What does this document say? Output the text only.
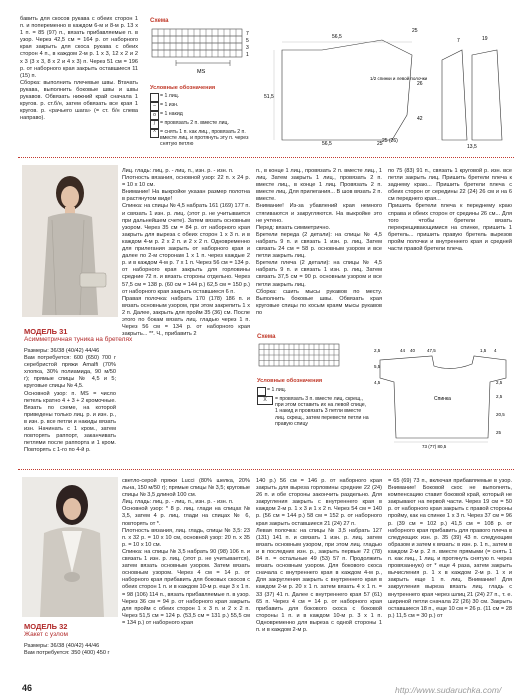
бавить для скосов рукава с обеих сторон 1 п. и попеременно в каждом 6-м и 8-м р. 13 х 1 п. = 85 (97) п., вязать прибавляемые п. в узор. Через 42,5 см = 164 р. от наборного края закрыть для скоса рукава с обеих сторон 4 п., в каждом 2-м р. 1 х 3, 12 х 2 и 2 х 3 (3 х 3, 8 х 2 и 4 х 3) п. Через 51 см = 196 р. от наборного края закрыть оставшиеся 11 (15) п.

Сборка: выполнить плечевые швы. Втачать рукава, выполнить боковые швы и швы рукавов. Обвязать нижний край сначала 1 кругов. р. ст.б/н, затем обвязать все края 1 кругов. р. «рачьего шага» (= ст. б/н слева направо).

Схема
MS
7
5
3
1
Условные обозначения
= 1 лиц.
– = 1 изн.
o = 1 накид
/ = провязать 2 п. вместе лиц.
^ = снять 1 п. как лиц., провязать 2 п. вместе лиц. и протянуть эту п. через снятую петлю
56,5
51,5
25
56,5
25
26
42
7	19
1/2 спинки и левой полочки
13,5
25 (26)
МОДЕЛЬ 31
Асимметричная туника на бретелях

Размеры: 36/38 (40/42) 44/46

Вам потребуется: 600 (650) 700 г серебристой пряжи Amalfi (70% хлопка, 30% полиамида, 90 м/50 г); прямые спицы № 4,5 и 5; круговые спицы № 4,5.

Основной узор: п. MS = число петель кратно 4 + 3 + 2 кромочные. Вязать по схеме, на которой приведены только лиц. р. и изн. р., в изн. р. все петли и накиды вязать изн. Начинать с 1 кром., затем повторять раппорт, заканчивать петлями после раппорта и 1 кром. Повторять с 1-го по 4-й р.

Лиц. гладь: лиц. р. - лиц. п., изн. р. - изн. п.

Плотность вязания, основной узор: 22 п. х 24 р. = 10 х 10 см.

Внимание! На выкройке указан размер полотна в растянутом виде!

Спинка: на спицы № 4,5 набрать 161 (169) 177 п. и связать 1 изн. р. лиц. (этот р. не учитывается при дальнейшем счете). Затем вязать основным узором. Через 35 см = 84 р. от наборного края закрыть для выреза с обеих сторон 1 х 3 п. и в каждом 4-м р. 2 х 2 п. и 2 х 2 п. Одновременно для прилегания закрыть от наборного края и далее по 2-м сторонам 1 х 1 п. через каждые 2 р. и в каждом 4-м р. 7 х 1 п. Через 56 см = 134 р. от наборного края закрыть для горловины средние 72 п. и вязать стороны отдельно. Через 57,5 см = 138 р. (60 см = 144 р.) 62,5 см = 150 р.) от наборного края закрыть оставшиеся 6 п.

Правая полочка: набрать 170 (178) 186 п. и вязать основным узором, при этом закрепить 1 х 2 п. Далее, закрыть для пройм 35 (36) см. После этого по бокам вязать лиц. гладью через 1 п. Через 56 см = 134 р. от наборного края закрыть... **. Ч., прибавить 2

п., в конце 1 лиц., провязать 2 п. вместе лиц., 1 лиц. Затем закрыть 1 лиц., провязать 2 п. вместе лиц., в конце 1 лиц. Провязать 2 п. вместе лиц. Для прилегания... В шов вязать 2 п. вместе.

Внимание! Из-за убавлений края немного стягиваются и закругляются. На выкройке это не учтено.

Перед: вязать симметрично.

Бретели переда (2 детали): на спицы № 4,5 набрать 9 п. и связать 1 изн. р. лиц. Затем связать 24 см = 58 р. основным узором и все петли закрыть лиц.

Бретели плеча (2 детали): на спицы № 4,5 набрать 9 п. и связать 1 изн. р. лиц. Затем связать 37,5 см = 90 р. основным узором и все петли закрыть лиц.

Сборка: сшить мысы рукавов по месту. Выполнить боковые швы. Обвязать края круговые спицы по косым краям мысы рукавов по

по 75 (83) 91 п., связать 1 круговой р. изн. все петли закрыть лиц. Пришить бретели плеча к заднему краю... Пришить бретели плеча с обеих сторон от середины 22 (24) 26 см и на 6 см переднего края...

Пришить бретели плеча к переднему краю справа и обеих сторон от средины 26 см... Для того чтобы бретели вязать перекрещивающимися на спинке, пришить 1 бретель... пришить правую бретель вырезов пройм полочки и внутреннего края и средней части правой бретели плеча.

Схема
Условные обозначения
= 1 лиц.
X	= провязать 3 п. вместе лиц. скрещ., при этом оставить их на левой спице, 1 накид и провязать 3 петли вместе лиц. скрещ., затем перевести петли на правую спицу
2,5
5,5
4,5
44 40	47,5	1,5 4
2,5
73 (77) 80,5
Спинка	2,5
20,5
25
МОДЕЛЬ 32
Жакет с узлом

Размеры: 36/38 (40/42) 44/46

Вам потребуется: 350 (400) 450 г

светло-серой пряжи Lucci (80% шелка, 20% льна, 150 м/50 г); прямые спицы № 3,5; круговые спицы № 3,5 длиной 100 см.

Лиц. гладь: лиц. р. - лиц. п., изн. р. - изн. п.

Основной узор: * 8 р. лиц. глади на спицах № 3,5, затем 4 р. лиц. глади на спицах № 6, повторять от *.

Плотность вязания, лиц. гладь, спицы № 3,5: 23 п. х 32 р. = 10 х 10 см, основной узор: 20 п. х 35 р. = 10 х 10 см.

Спинка: на спицы № 3,5 набрать 90 (98) 106 п. и связать 1 изн. р. лиц. (этот р. не учитывается), затем вязать основным узором. Затем вязать основным узором. Через 4 см = 14 р. от наборного края прибавить для боковых скосов с обеих сторон 1 п. и в каждом 10-м р. еще 3 х 1 п. = 98 (106) 114 п., вязать прибавляемые п. в узор. Через 36 см = 94 р. от наборного края закрыть для пройм с обеих сторон 1 х 3 п. и 2 х 2 п. Через 51,5 см = 124 р. (53,5 см = 131 р.) 55,5 см = 134 р.) от наборного края

140 р.) 56 см = 146 р. от наборного края закрыть для выреза горловины средние 22 (24) 26 п. и обе стороны закончить раздельно. Для закругления закрыть с внутреннего края в каждом 2-м р. 1 х 3 и 1 х 2 п. Через 54 см = 140 р. (56 см = 144 р.) 58 см = 152 р. от наборного края закрыть оставшиеся 21 (24) 27 п.

Левая полочка: на спицы № 3,5 набрать 127 (131) 141 п. и связать 1 изн. р. лиц. затем вязать основным узором, при этом лиц. гладью и в последних изн. р., закрыть первые 72 (78) 84 п. = остальные 49 (53) 57 п. Продолжить вязать основным узором. Для бокового скоса сначала с внутреннего края в каждом 4-м р., Для закругления закрыть с внутреннего края в каждом 2-м р. 20 х 1 п. затем вязать 4 х 1 п. = 33 (37) 41 п. Далее с внутреннего края 57 (61) 65 п. Через 4 см = 14 р. от наборного края прибавить для бокового скоса с боковой стороны 1 п. и в каждом 10-м р. 3 х 1 п. Одновременно для выреза с одной стороны 1 п. и в каждом 2-м р.

= 65 (69) 73 п., включая прибавляемые в узор. Внимание! Боковой скос не выполнять, компенсацию ставит боковой край, который не закрывают на первой части. Через 19 см = 50 р. от наборного края закрыть с правой стороны пройму, как на спинке 1 х 3 п. Через 37 см = 96 р. (39 см = 102 р.) 41,5 см = 108 р. от наборного края прибавить для правого плеча в следующих изн. р. 35 (39) 43 п. следующим образом и затем к вязать: в изн. р. 1 п., затем в каждом 2-м р. 2 п. вместе прямыми (= снять 1 п. как лиц., 1 лиц. и протянуть снятую п. через провязанную) от * еще 4 раза, затем закрыть вычисления р. 1 х в каждом 2-м р. 1 х и закрыть еще 1 п. лиц. Внимание! Для закругления выреза вязать лиц. гладь с внутреннего края через шлиц 21 (24) 27 п., т. е. шириной петли сначала 22 (26) 30 см. Закрыть оставшиеся 18 п., еще 10 см = 26 р. (11 см = 28 р.) 11,5 см = 30 р.) от

46	http://www.sudaruchka.com/
